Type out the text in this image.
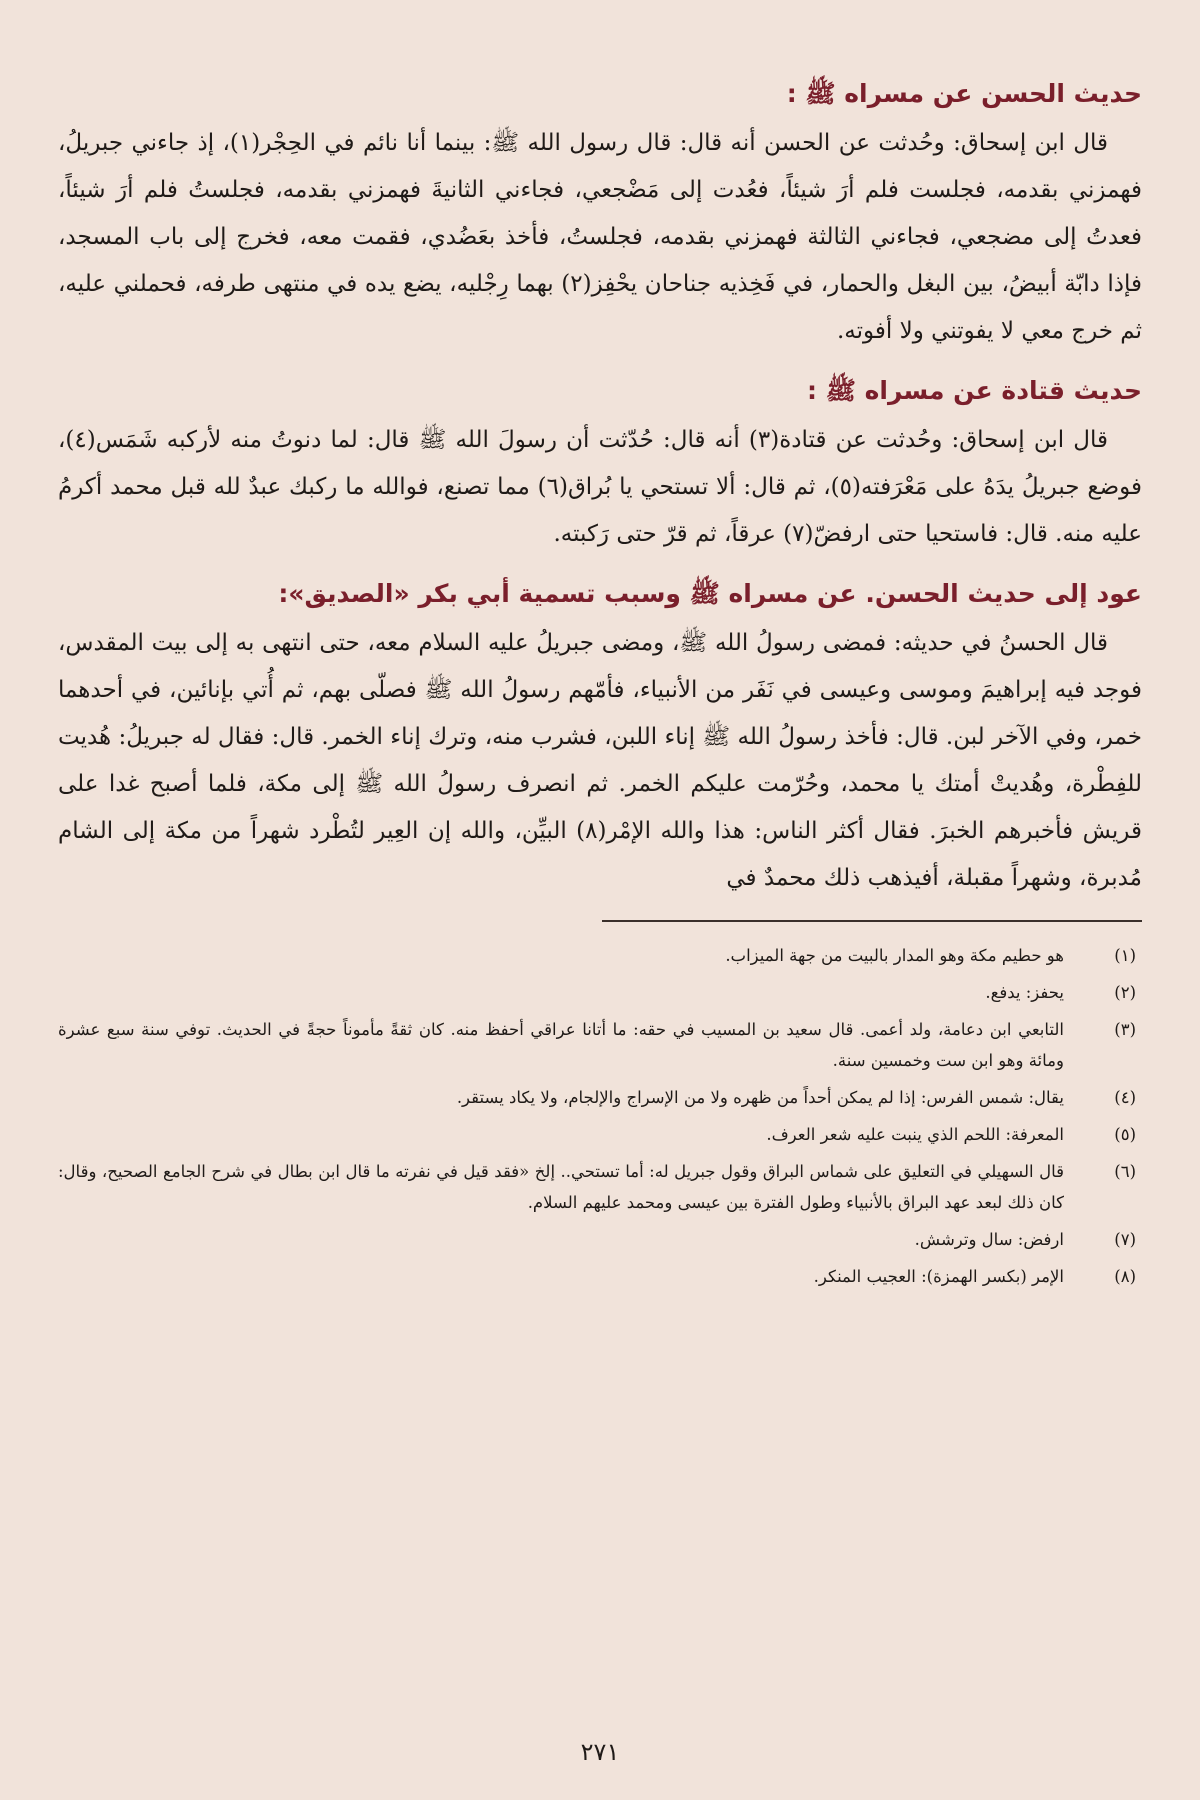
حديث الحسن عن مسراه ﷺ :

قال ابن إسحاق: وحُدثت عن الحسن أنه قال: قال رسول الله ﷺ: بينما أنا نائم في الحِجْر(١)، إذ جاءني جبريلُ، فهمزني بقدمه، فجلست فلم أرَ شيئاً، فعُدت إلى مَضْجعي، فجاءني الثانيةَ فهمزني بقدمه، فجلستُ فلم أرَ شيئاً، فعدتُ إلى مضجعي، فجاءني الثالثة فهمزني بقدمه، فجلستُ، فأخذ بعَضُدي، فقمت معه، فخرج إلى باب المسجد، فإذا دابّة أبيضُ، بين البغل والحمار، في فَخِذيه جناحان يحْفِز(٢) بهما رِجْليه، يضع يده في منتهى طرفه، فحملني عليه، ثم خرج معي لا يفوتني ولا أفوته.

حديث قتادة عن مسراه ﷺ :

قال ابن إسحاق: وحُدثت عن قتادة(٣) أنه قال: حُدّثت أن رسولَ الله ﷺ قال: لما دنوتُ منه لأركبه شَمَس(٤)، فوضع جبريلُ يدَهُ على مَعْرَفته(٥)، ثم قال: ألا تستحي يا بُراق(٦) مما تصنع، فوالله ما ركبك عبدٌ لله قبل محمد أكرمُ عليه منه. قال: فاستحيا حتى ارفضّ(٧) عرقاً، ثم قرّ حتى رَكبته.

عود إلى حديث الحسن. عن مسراه ﷺ وسبب تسمية أبي بكر «الصديق»:

قال الحسنُ في حديثه: فمضى رسولُ الله ﷺ، ومضى جبريلُ عليه السلام معه، حتى انتهى به إلى بيت المقدس، فوجد فيه إبراهيمَ وموسى وعيسى في نَفَر من الأنبياء، فأمّهم رسولُ الله ﷺ فصلّى بهم، ثم أُتي بإنائين، في أحدهما خمر، وفي الآخر لبن. قال: فأخذ رسولُ الله ﷺ إناء اللبن، فشرب منه، وترك إناء الخمر. قال: فقال له جبريلُ: هُديت للفِطْرة، وهُديتْ أمتك يا محمد، وحُرّمت عليكم الخمر. ثم انصرف رسولُ الله ﷺ إلى مكة، فلما أصبح غدا على قريش فأخبرهم الخبرَ. فقال أكثر الناس: هذا والله الإمْر(٨) البيِّن، والله إن العِير لتُطْرد شهراً من مكة إلى الشام مُدبرة، وشهراً مقبلة، أفيذهب ذلك محمدٌ في

(١)
هو حطيم مكة وهو المدار بالبيت من جهة الميزاب.
(٢)
يحفز: يدفع.
(٣)
التابعي ابن دعامة، ولد أعمى. قال سعيد بن المسيب في حقه: ما أتانا عراقي أحفظ منه. كان ثقةً مأموناً حجةً في الحديث. توفي سنة سبع عشرة ومائة وهو ابن ست وخمسين سنة.
(٤)
يقال: شمس الفرس: إذا لم يمكن أحداً من ظهره ولا من الإسراج والإلجام، ولا يكاد يستقر.
(٥)
المعرفة: اللحم الذي ينبت عليه شعر العرف.
(٦)
قال السهيلي في التعليق على شماس البراق وقول جبريل له: أما تستحي.. إلخ «فقد قيل في نفرته ما قال ابن بطال في شرح الجامع الصحيح، وقال: كان ذلك لبعد عهد البراق بالأنبياء وطول الفترة بين عيسى ومحمد عليهم السلام.
(٧)
ارفض: سال وترشش.
(٨)
الإمر (بكسر الهمزة): العجيب المنكر.
٢٧١
